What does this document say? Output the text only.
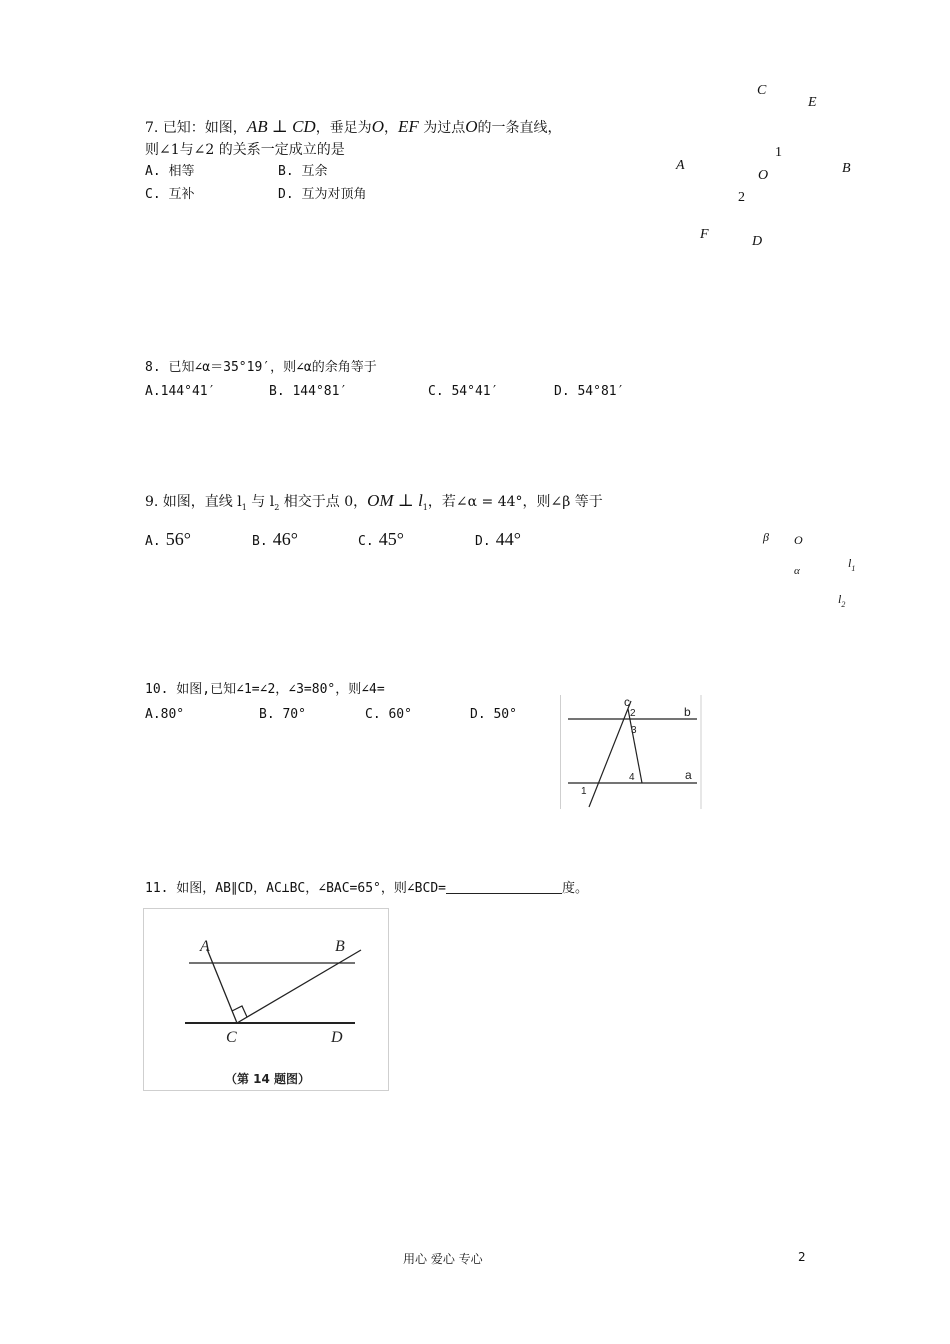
7. 已知：如图，AB ⊥ CD，垂足为O，EF 为过点O的一条直线，
则∠1与∠2 的关系一定成立的是
A. 相等	B. 互余
C. 互补	D. 互为对顶角
C
E
1
A	B
O
2
F	D
8. 已知∠α＝35°19′，则∠α的余角等于
A.144°41′	B. 144°81′	C. 54°41′	D. 54°81′
9. 如图，直线 $l_1$ 与 $l_2$ 相交于点 0，OM ⊥ $l_1$，若∠α = 44°，则∠β 等于
A. 56°	B. 46°	C. 45°	D. 44°	β O
α
$l_1$
$l_2$
10. 如图,已知∠1=∠2，∠3=80°，则∠4=
A.80°	B. 70°	C. 60°	D. 50°
c
b
a
2
3
4
1
11. 如图，AB∥CD，AC⊥BC，∠BAC=65°，则∠BCD=	度。
A	B
C	D
（第 14 题图）
用心 爱心 专心	2
